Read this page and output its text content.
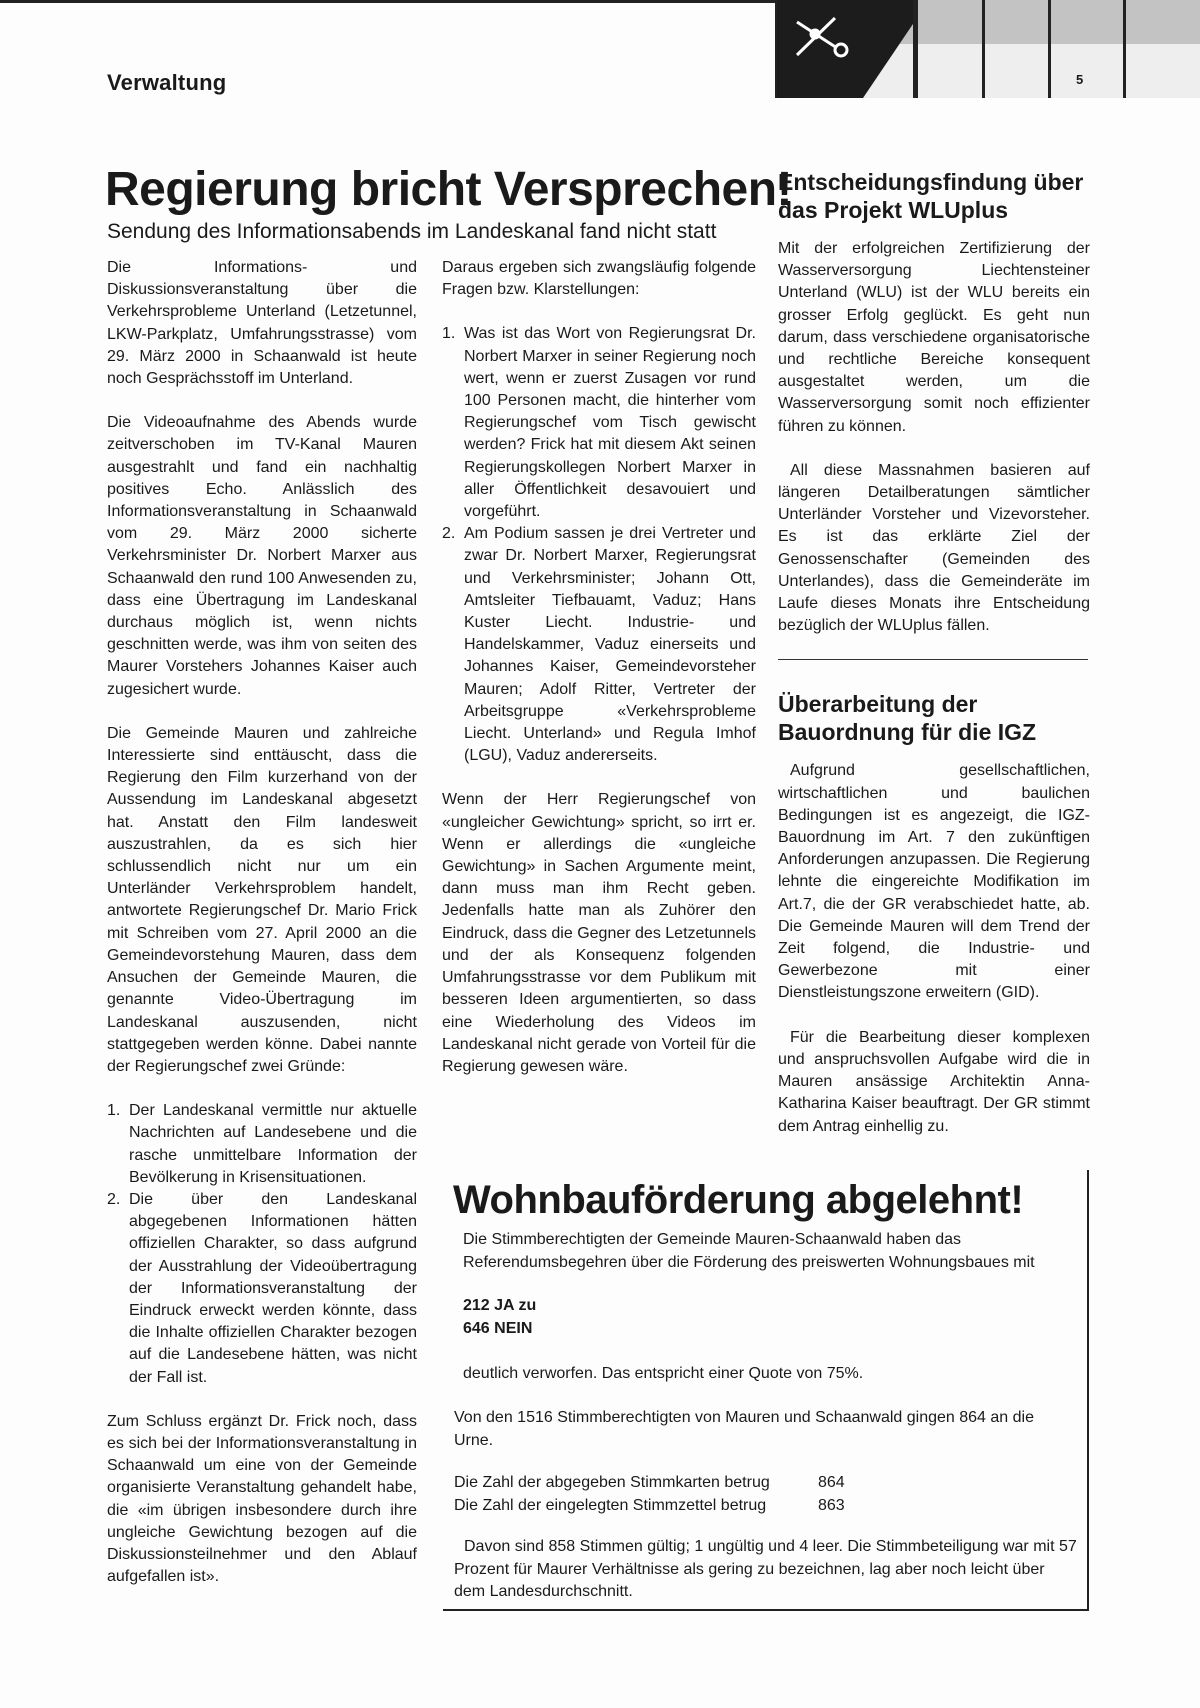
Verwaltung	5
Regierung bricht Versprechen!

Sendung des Informationsabends im Landeskanal fand nicht statt

Die Informations- und Diskussionsveranstaltung über die Verkehrsprobleme Unterland (Letzetunnel, LKW-Parkplatz, Umfahrungsstrasse) vom 29. März 2000 in Schaanwald ist heute noch Gesprächsstoff im Unterland.

Die Videoaufnahme des Abends wurde zeitverschoben im TV-Kanal Mauren ausgestrahlt und fand ein nachhaltig positives Echo. Anlässlich des Informationsveranstaltung in Schaanwald vom 29. März 2000 sicherte Verkehrsminister Dr. Norbert Marxer aus Schaanwald den rund 100 Anwesenden zu, dass eine Übertragung im Landeskanal durchaus möglich ist, wenn nichts geschnitten werde, was ihm von seiten des Maurer Vorstehers Johannes Kaiser auch zugesichert wurde.

Die Gemeinde Mauren und zahlreiche Interessierte sind enttäuscht, dass die Regierung den Film kurzerhand von der Aussendung im Landeskanal abgesetzt hat. Anstatt den Film landesweit auszustrahlen, da es sich hier schlussendlich nicht nur um ein Unterländer Verkehrsproblem handelt, antwortete Regierungschef Dr. Mario Frick mit Schreiben vom 27. April 2000 an die Gemeindevorstehung Mauren, dass dem Ansuchen der Gemeinde Mauren, die genannte Video-Übertragung im Landeskanal auszusenden, nicht stattgegeben werden könne. Dabei nannte der Regierungschef zwei Gründe:

1. Der Landeskanal vermittle nur aktuelle Nachrichten auf Landesebene und die rasche unmittelbare Information der Bevölkerung in Krisensituationen.
2. Die über den Landeskanal abgegebenen Informationen hätten offiziellen Charakter, so dass aufgrund der Ausstrahlung der Videoübertragung der Informationsveranstaltung der Eindruck erweckt werden könnte, dass die Inhalte offiziellen Charakter bezogen auf die Landesebene hätten, was nicht der Fall ist.

Zum Schluss ergänzt Dr. Frick noch, dass es sich bei der Informationsveranstaltung in Schaanwald um eine von der Gemeinde organisierte Veranstaltung gehandelt habe, die «im übrigen insbesondere durch ihre ungleiche Gewichtung bezogen auf die Diskussionsteilnehmer und den Ablauf aufgefallen ist».

Daraus ergeben sich zwangsläufig folgende Fragen bzw. Klarstellungen:

1. Was ist das Wort von Regierungsrat Dr. Norbert Marxer in seiner Regierung noch wert, wenn er zuerst Zusagen vor rund 100 Personen macht, die hinterher vom Regierungschef vom Tisch gewischt werden? Frick hat mit diesem Akt seinen Regierungskollegen Norbert Marxer in aller Öffentlichkeit desavouiert und vorgeführt.
2. Am Podium sassen je drei Vertreter und zwar Dr. Norbert Marxer, Regierungsrat und Verkehrsminister; Johann Ott, Amtsleiter Tiefbauamt, Vaduz; Hans Kuster Liecht. Industrie- und Handelskammer, Vaduz einerseits und Johannes Kaiser, Gemeindevorsteher Mauren; Adolf Ritter, Vertreter der Arbeitsgruppe «Verkehrsprobleme Liecht. Unterland» und Regula Imhof (LGU), Vaduz andererseits.

Wenn der Herr Regierungschef von «ungleicher Gewichtung» spricht, so irrt er. Wenn er allerdings die «ungleiche Gewichtung» in Sachen Argumente meint, dann muss man ihm Recht geben. Jedenfalls hatte man als Zuhörer den Eindruck, dass die Gegner des Letzetunnels und der als Konsequenz folgenden Umfahrungsstrasse vor dem Publikum mit besseren Ideen argumentierten, so dass eine Wiederholung des Videos im Landeskanal nicht gerade von Vorteil für die Regierung gewesen wäre.

Entscheidungsfindung über das Projekt WLUplus

Mit der erfolgreichen Zertifizierung der Wasserversorgung Liechtensteiner Unterland (WLU) ist der WLU bereits ein grosser Erfolg geglückt. Es geht nun darum, dass verschiedene organisatorische und rechtliche Bereiche konsequent ausgestaltet werden, um die Wasserversorgung somit noch effizienter führen zu können.

All diese Massnahmen basieren auf längeren Detailberatungen sämtlicher Unterländer Vorsteher und Vizevorsteher. Es ist das erklärte Ziel der Genossenschafter (Gemeinden des Unterlandes), dass die Gemeinderäte im Laufe dieses Monats ihre Entscheidung bezüglich der WLUplus fällen.

Überarbeitung der Bauordnung für die IGZ

Aufgrund gesellschaftlichen, wirtschaftlichen und baulichen Bedingungen ist es angezeigt, die IGZ-Bauordnung im Art. 7 den zukünftigen Anforderungen anzupassen. Die Regierung lehnte die eingereichte Modifikation im Art.7, die der GR verabschiedet hatte, ab. Die Gemeinde Mauren will dem Trend der Zeit folgend, die Industrie- und Gewerbezone mit einer Dienstleistungszone erweitern (GID).

Für die Bearbeitung dieser komplexen und anspruchsvollen Aufgabe wird die in Mauren ansässige Architektin Anna-Katharina Kaiser beauftragt. Der GR stimmt dem Antrag einhellig zu.

Wohnbauförderung abgelehnt!

Die Stimmberechtigten der Gemeinde Mauren-Schaanwald haben das Referendumsbegehren über die Förderung des preiswerten Wohnungsbaues mit

212 JA zu
646 NEIN

deutlich verworfen. Das entspricht einer Quote von 75%.

Von den 1516 Stimmberechtigten von Mauren und Schaanwald gingen 864 an die Urne.

Die Zahl der abgegeben Stimmkarten betrug	864
Die Zahl der eingelegten Stimmzettel betrug	863

Davon sind 858 Stimmen gültig; 1 ungültig und 4 leer. Die Stimmbeteiligung war mit 57 Prozent für Maurer Verhältnisse als gering zu bezeichnen, lag aber noch leicht über dem Landesdurchschnitt.
